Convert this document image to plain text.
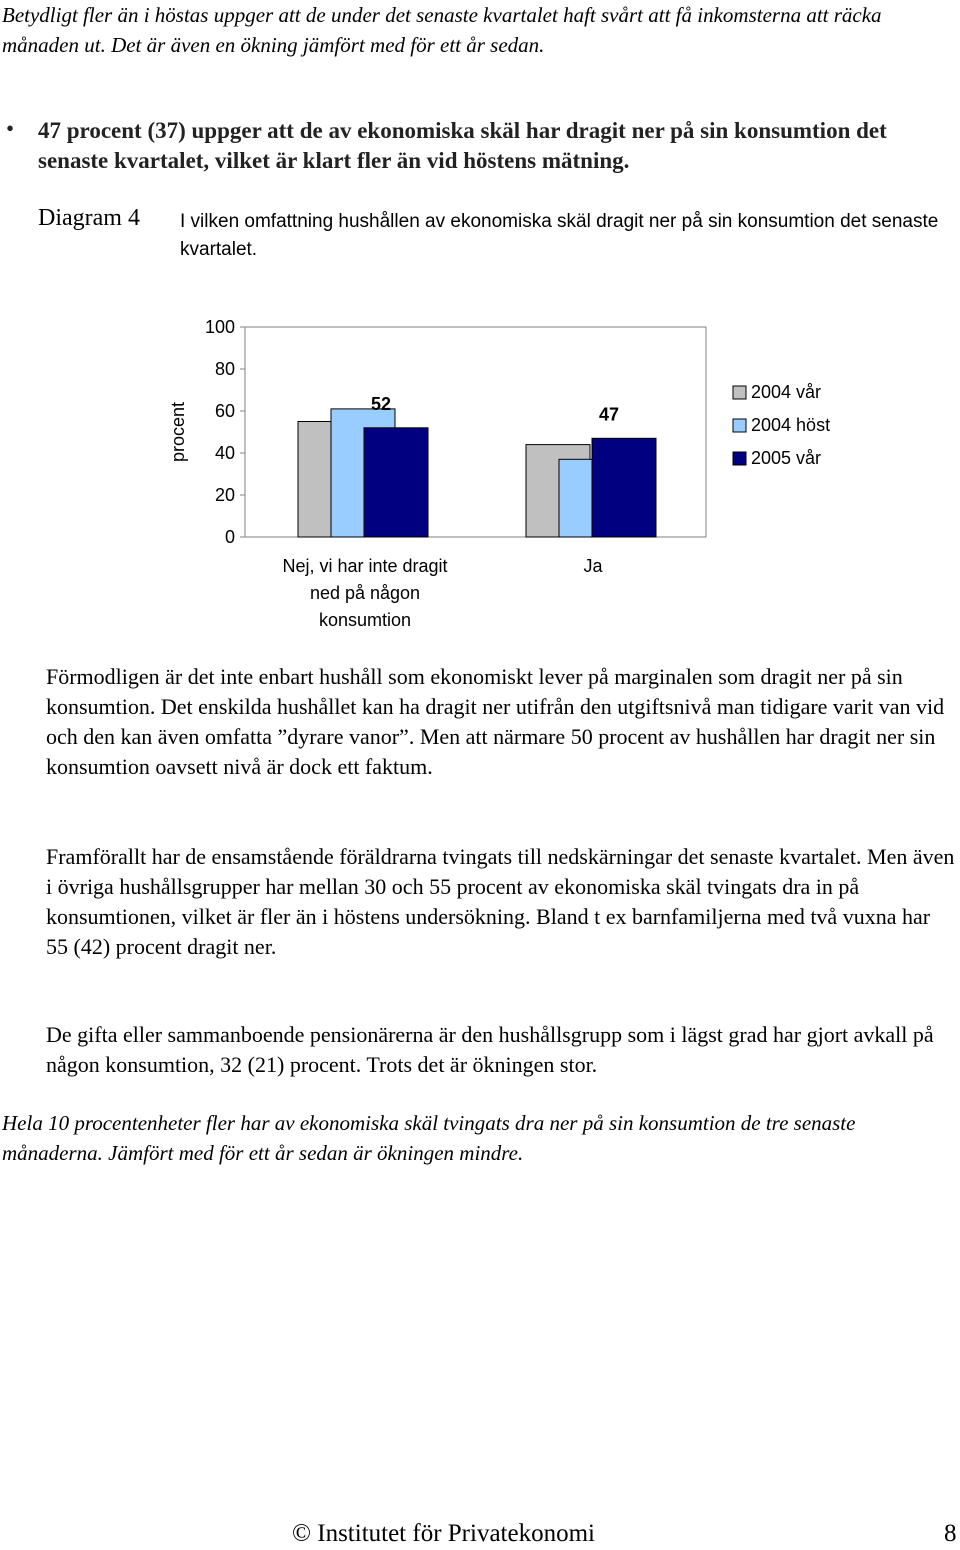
Betydligt fler än i höstas uppger att de under det senaste kvartalet haft svårt att få inkomsterna att räcka månaden ut. Det är även en ökning jämfört med för ett år sedan.
• 47 procent (37) uppger att de av ekonomiska skäl har dragit ner på sin konsumtion det senaste kvartalet, vilket är klart fler än vid höstens mätning.
Diagram 4 I vilken omfattning hushållen av ekonomiska skäl dragit ner på sin konsumtion det senaste kvartalet.
0
20
40
60
80
100
procent	52
47
Nej, vi har inte dragit
ned på någon
konsumtion
Ja
2004 vår
2004 höst
2005 vår
Förmodligen är det inte enbart hushåll som ekonomiskt lever på marginalen som dragit ner på sin konsumtion. Det enskilda hushållet kan ha dragit ner utifrån den utgiftsnivå man tidigare varit van vid och den kan även omfatta ”dyrare vanor”. Men att närmare 50 procent av hushållen har dragit ner sin konsumtion oavsett nivå är dock ett faktum.
Framförallt har de ensamstående föräldrarna tvingats till nedskärningar det senaste kvartalet. Men även i övriga hushållsgrupper har mellan 30 och 55 procent av ekonomiska skäl tvingats dra in på konsumtionen, vilket är fler än i höstens undersökning. Bland t ex barnfamiljerna med två vuxna har 55 (42) procent dragit ner.
De gifta eller sammanboende pensionärerna är den hushållsgrupp som i lägst grad har gjort avkall på någon konsumtion, 32 (21) procent. Trots det är ökningen stor.
Hela 10 procentenheter fler har av ekonomiska skäl tvingats dra ner på sin konsumtion de tre senaste månaderna. Jämfört med för ett år sedan är ökningen mindre.
© Institutet för Privatekonomi	8
